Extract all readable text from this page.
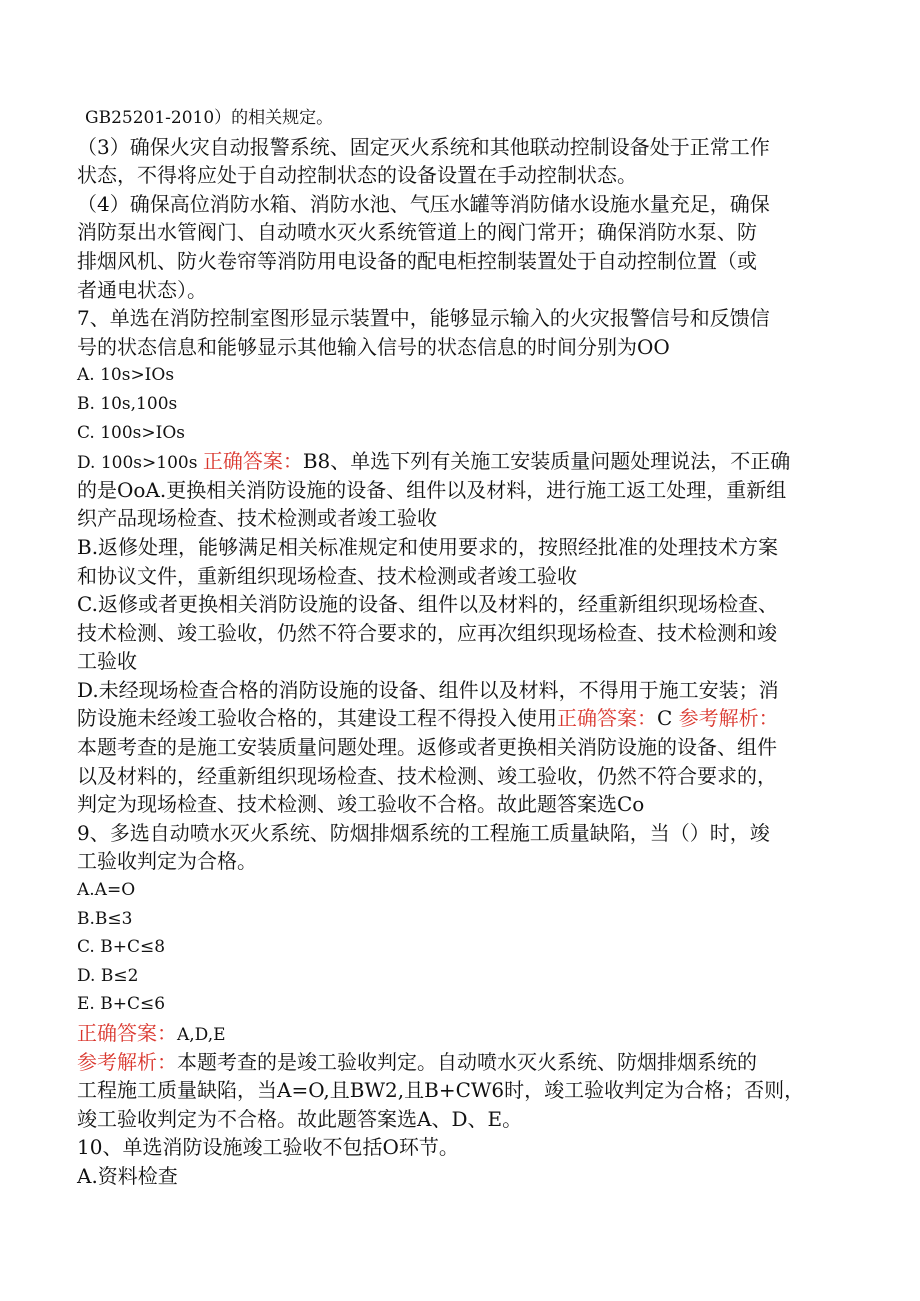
GB25201-2010）的相关规定。
（3）确保火灾自动报警系统、固定灭火系统和其他联动控制设备处于正常工作
状态，不得将应处于自动控制状态的设备设置在手动控制状态。
（4）确保高位消防水箱、消防水池、气压水罐等消防储水设施水量充足，确保
消防泵出水管阀门、自动喷水灭火系统管道上的阀门常开；确保消防水泵、防
排烟风机、防火卷帘等消防用电设备的配电柜控制装置处于自动控制位置（或
者通电状态）。
7、单选在消防控制室图形显示装置中，能够显示输入的火灾报警信号和反馈信
号的状态信息和能够显示其他输入信号的状态信息的时间分别为OO
A. 10s>IOs
B. 10s,100s
C. 100s>IOs
D. 100s>100s 正确答案：B8、单选下列有关施工安装质量问题处理说法，不正确
的是OoA.更换相关消防设施的设备、组件以及材料，进行施工返工处理，重新组
织产品现场检查、技术检测或者竣工验收
B.返修处理，能够满足相关标准规定和使用要求的，按照经批准的处理技术方案
和协议文件，重新组织现场检查、技术检测或者竣工验收
C.返修或者更换相关消防设施的设备、组件以及材料的，经重新组织现场检查、
技术检测、竣工验收，仍然不符合要求的，应再次组织现场检查、技术检测和竣
工验收
D.未经现场检查合格的消防设施的设备、组件以及材料，不得用于施工安装；消
防设施未经竣工验收合格的，其建设工程不得投入使用正确答案：C 参考解析：
本题考查的是施工安装质量问题处理。返修或者更换相关消防设施的设备、组件
以及材料的，经重新组织现场检查、技术检测、竣工验收，仍然不符合要求的，
判定为现场检查、技术检测、竣工验收不合格。故此题答案选Co
9、多选自动喷水灭火系统、防烟排烟系统的工程施工质量缺陷，当（）时，竣
工验收判定为合格。
A.A=O
B.B≤3
C. B+C≤8
D. B≤2
E. B+C≤6
正确答案：A,D,E
参考解析：本题考查的是竣工验收判定。自动喷水灭火系统、防烟排烟系统的
工程施工质量缺陷，当A=O,且BW2,且B+CW6时，竣工验收判定为合格；否则，
竣工验收判定为不合格。故此题答案选A、D、E。
10、单选消防设施竣工验收不包括O环节。
A.资料检查
